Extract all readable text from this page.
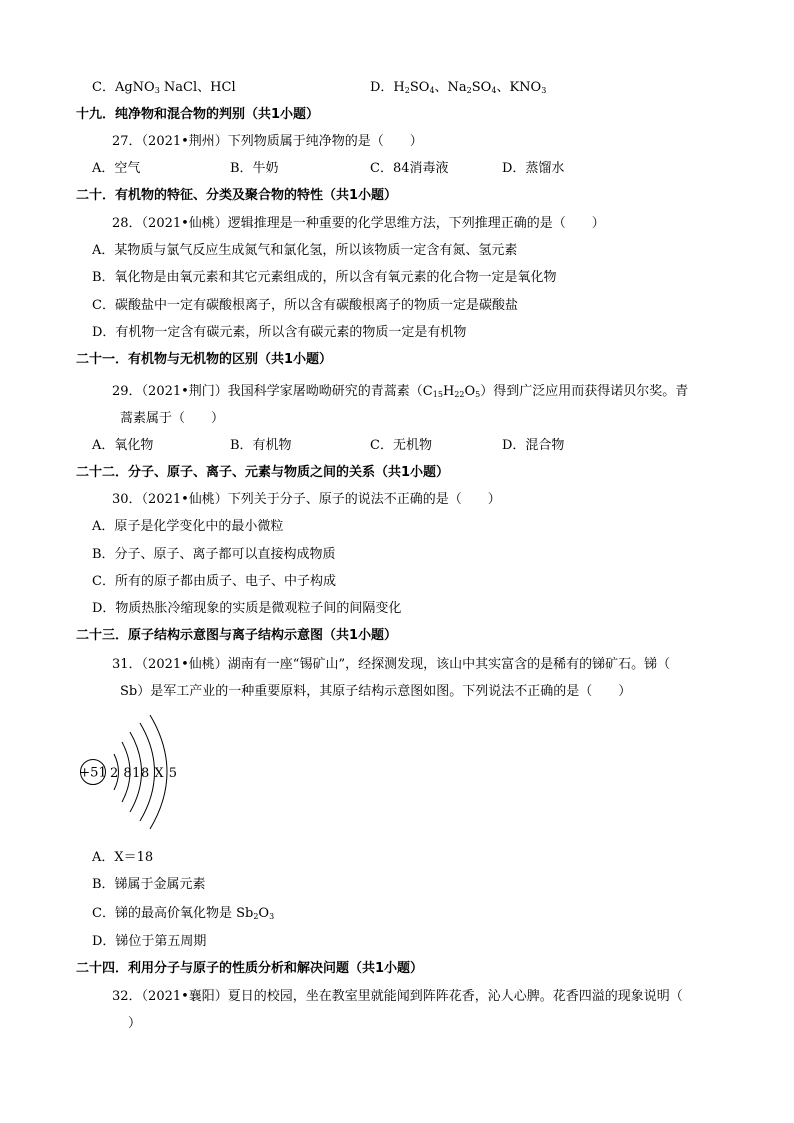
C．AgNO$_3$ NaCl、HCl	D．$H_2SO_4$、$Na_2SO_4$、$KNO_3$
十九．纯净物和混合物的判别（共1小题）
27．（2021•荆州）下列物质属于纯净物的是（　　）
A．空气	B．牛奶	C．84消毒液	D．蒸馏水
二十．有机物的特征、分类及聚合物的特性（共1小题）
28．（2021•仙桃）逻辑推理是一种重要的化学思维方法，下列推理正确的是（　　）
A．某物质与氯气反应生成氮气和氯化氢，所以该物质一定含有氮、氢元素
B．氧化物是由氧元素和其它元素组成的，所以含有氧元素的化合物一定是氧化物
C．碳酸盐中一定有碳酸根离子，所以含有碳酸根离子的物质一定是碳酸盐
D．有机物一定含有碳元素，所以含有碳元素的物质一定是有机物
二十一．有机物与无机物的区别（共1小题）
29．（2021•荆门）我国科学家屠呦呦研究的青蒿素$(C_{15}H_{22}O_5)$得到广泛应用而获得诺贝尔奖。青
蒿素属于（　　）
A．氧化物	B．有机物	C．无机物	D．混合物
二十二．分子、原子、离子、元素与物质之间的关系（共1小题）
30．（2021•仙桃）下列关于分子、原子的说法不正确的是（　　）
A．原子是化学变化中的最小微粒
B．分子、原子、离子都可以直接构成物质
C．所有的原子都由质子、电子、中子构成
D．物质热胀冷缩现象的实质是微观粒子间的间隔变化
二十三．原子结构示意图与离子结构示意图（共1小题）
31．（2021•仙桃）湖南有一座“锡矿山”，经探测发现，该山中其实富含的是稀有的锑矿石。锑（
Sb）是军工产业的一种重要原料，其原子结构示意图如图。下列说法不正确的是（　　）
+51 2 818 X 5
A．X＝18
B．锑属于金属元素
C．锑的最高价氧化物是 $Sb_2O_3$
D．锑位于第五周期
二十四．利用分子与原子的性质分析和解决问题（共1小题）
32．（2021•襄阳）夏日的校园，坐在教室里就能闻到阵阵花香，沁人心脾。花香四溢的现象说明（
）
